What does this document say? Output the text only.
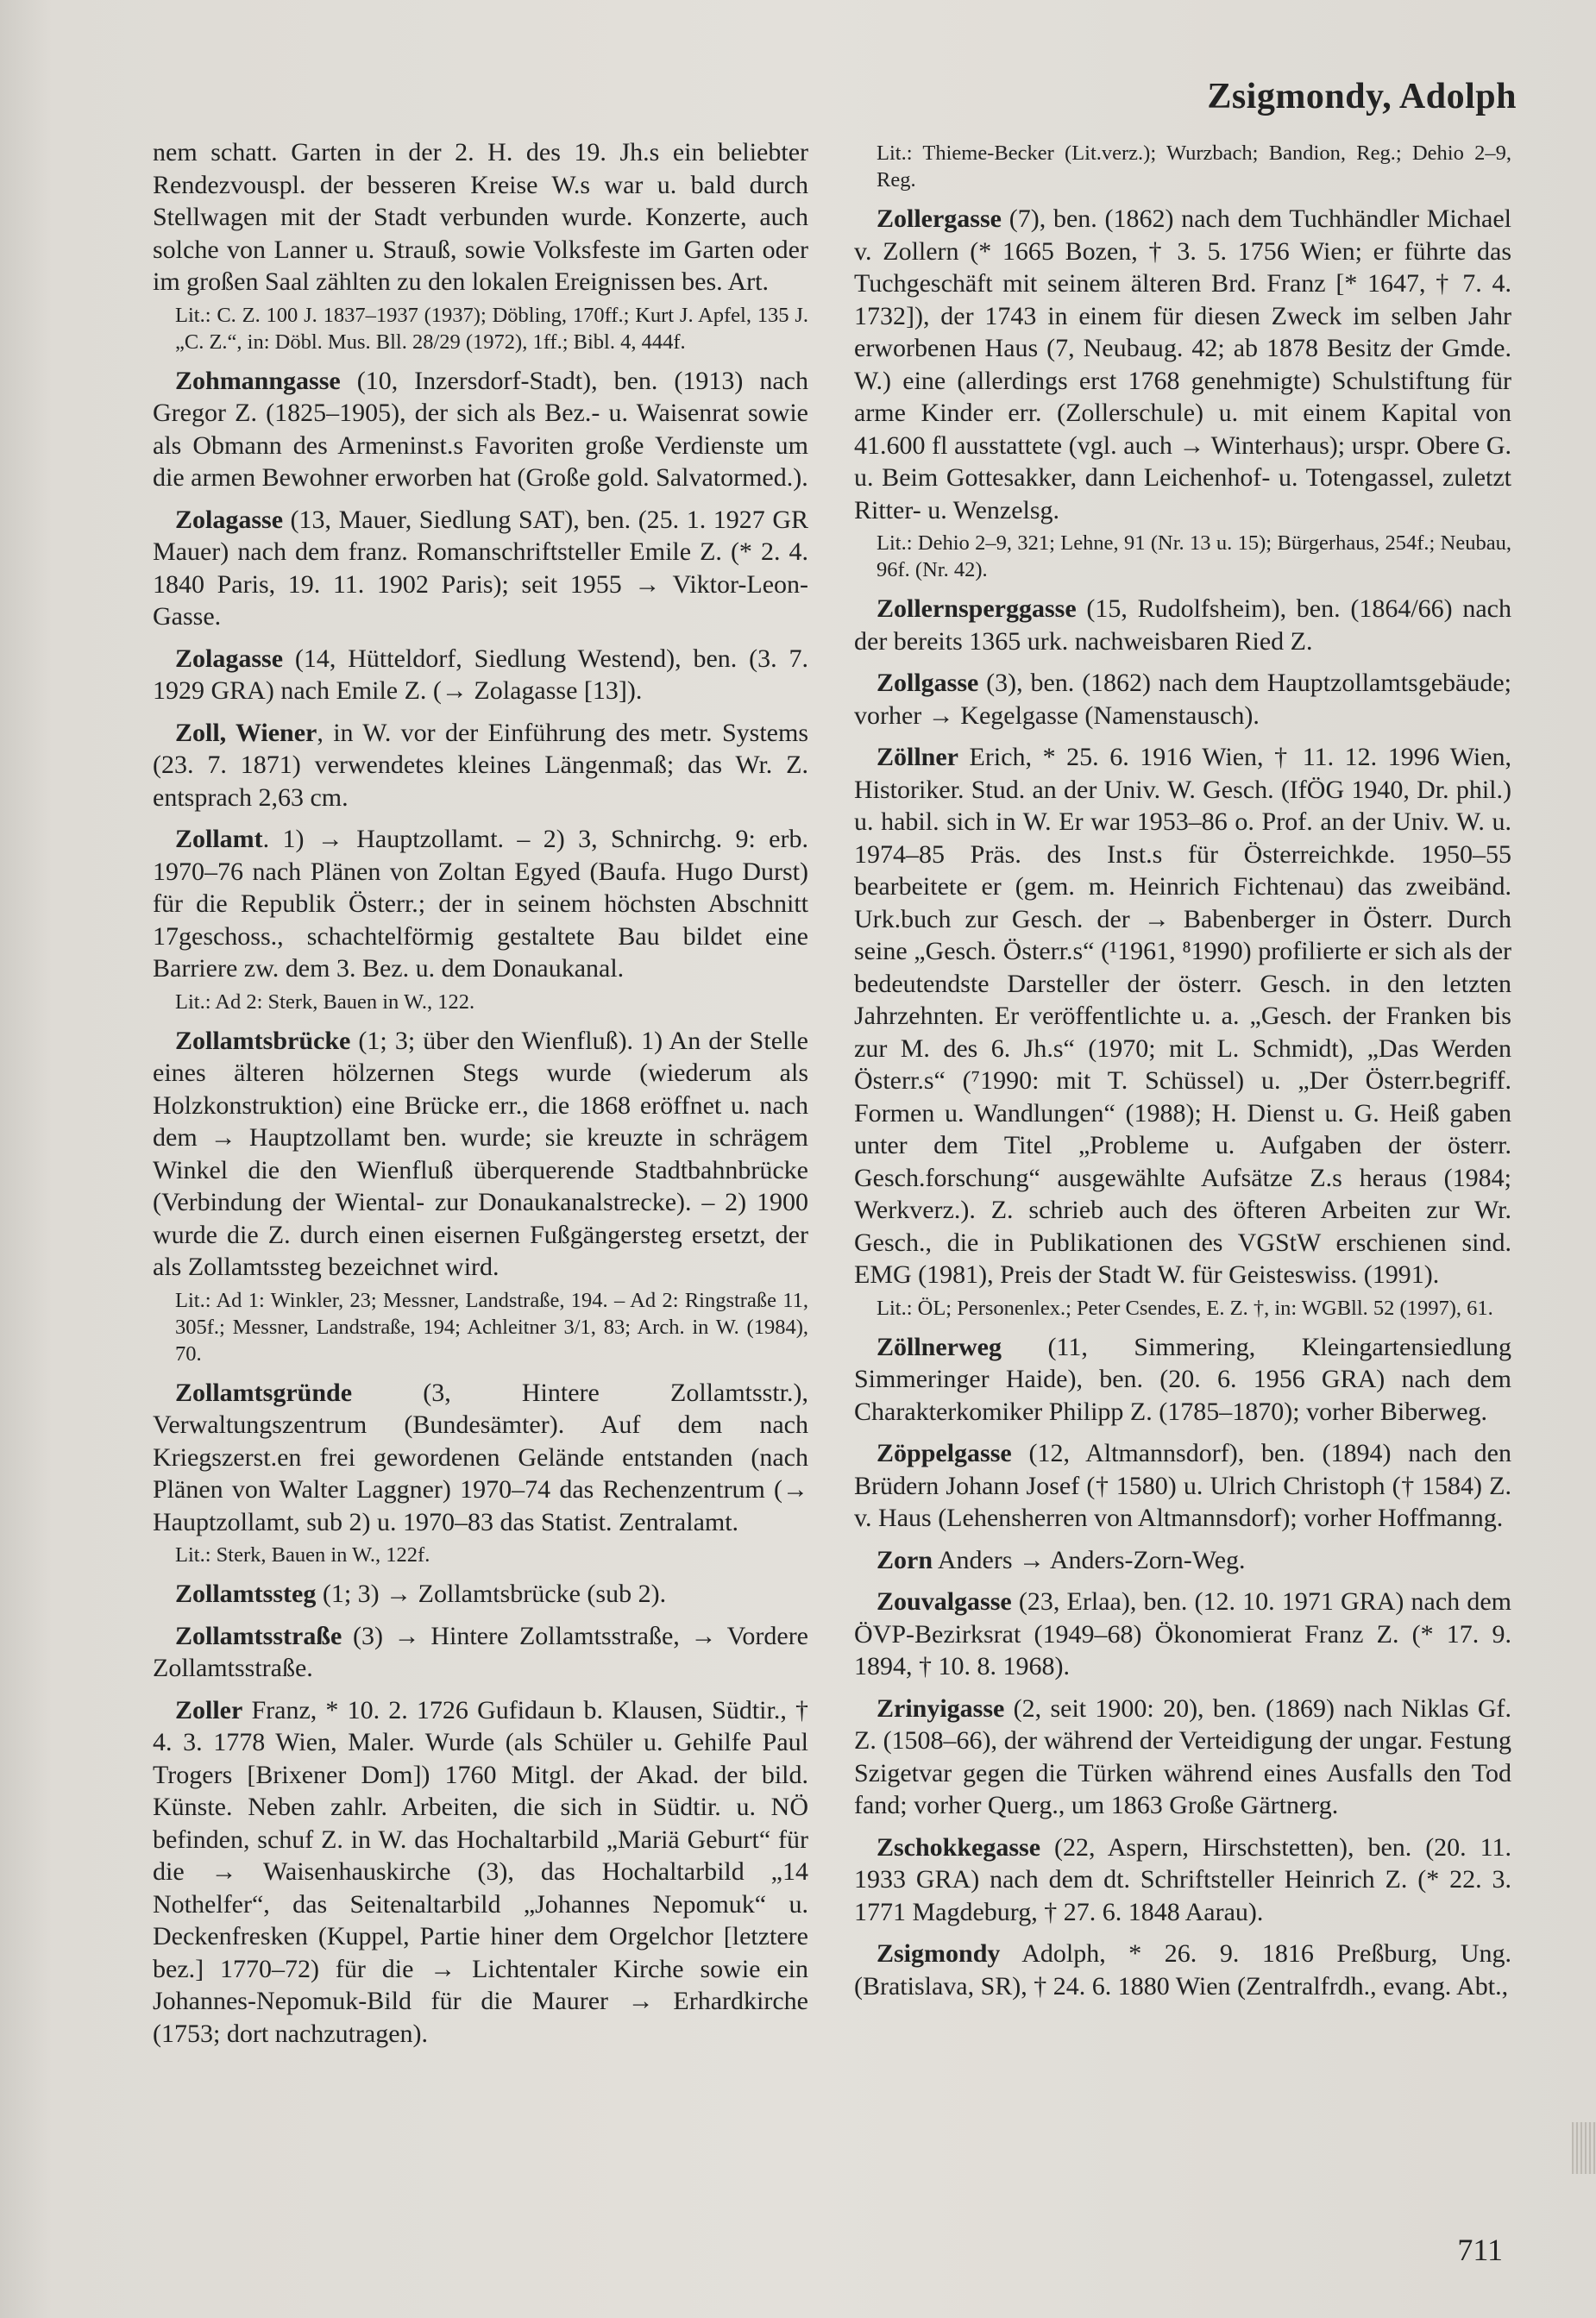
Zsigmondy, Adolph

nem schatt. Garten in der 2. H. des 19. Jh.s ein beliebter Rendezvouspl. der besseren Kreise W.s war u. bald durch Stellwagen mit der Stadt verbunden wurde. Konzerte, auch solche von Lanner u. Strauß, sowie Volksfeste im Garten oder im großen Saal zählten zu den lokalen Ereignissen bes. Art.

Lit.: C. Z. 100 J. 1837–1937 (1937); Döbling, 170ff.; Kurt J. Apfel, 135 J. „C. Z.“, in: Döbl. Mus. Bll. 28/29 (1972), 1ff.; Bibl. 4, 444f.

Zohmanngasse (10, Inzersdorf-Stadt), ben. (1913) nach Gregor Z. (1825–1905), der sich als Bez.- u. Waisenrat sowie als Obmann des Armeninst.s Favoriten große Verdienste um die armen Bewohner erworben hat (Große gold. Salvatormed.).

Zolagasse (13, Mauer, Siedlung SAT), ben. (25. 1. 1927 GR Mauer) nach dem franz. Romanschriftsteller Emile Z. (* 2. 4. 1840 Paris, 19. 11. 1902 Paris); seit 1955 → Viktor-Leon-Gasse.

Zolagasse (14, Hütteldorf, Siedlung Westend), ben. (3. 7. 1929 GRA) nach Emile Z. (→ Zolagasse [13]).

Zoll, Wiener, in W. vor der Einführung des metr. Systems (23. 7. 1871) verwendetes kleines Längenmaß; das Wr. Z. entsprach 2,63 cm.

Zollamt. 1) → Hauptzollamt. – 2) 3, Schnirchg. 9: erb. 1970–76 nach Plänen von Zoltan Egyed (Baufa. Hugo Durst) für die Republik Österr.; der in seinem höchsten Abschnitt 17geschoss., schachtelförmig gestaltete Bau bildet eine Barriere zw. dem 3. Bez. u. dem Donaukanal.

Lit.: Ad 2: Sterk, Bauen in W., 122.

Zollamtsbrücke (1; 3; über den Wienfluß). 1) An der Stelle eines älteren hölzernen Stegs wurde (wiederum als Holzkonstruktion) eine Brücke err., die 1868 eröffnet u. nach dem → Hauptzollamt ben. wurde; sie kreuzte in schrägem Winkel die den Wienfluß überquerende Stadtbahnbrücke (Verbindung der Wiental- zur Donaukanalstrecke). – 2) 1900 wurde die Z. durch einen eisernen Fußgängersteg ersetzt, der als Zollamtssteg bezeichnet wird.

Lit.: Ad 1: Winkler, 23; Messner, Landstraße, 194. – Ad 2: Ringstraße 11, 305f.; Messner, Landstraße, 194; Achleitner 3/1, 83; Arch. in W. (1984), 70.

Zollamtsgründe (3, Hintere Zollamtsstr.), Verwaltungszentrum (Bundesämter). Auf dem nach Kriegszerst.en frei gewordenen Gelände entstanden (nach Plänen von Walter Laggner) 1970–74 das Rechenzentrum (→ Hauptzollamt, sub 2) u. 1970–83 das Statist. Zentralamt.

Lit.: Sterk, Bauen in W., 122f.

Zollamtssteg (1; 3) → Zollamtsbrücke (sub 2).

Zollamtsstraße (3) → Hintere Zollamtsstraße, → Vordere Zollamtsstraße.

Zoller Franz, * 10. 2. 1726 Gufidaun b. Klausen, Südtir., † 4. 3. 1778 Wien, Maler. Wurde (als Schüler u. Gehilfe Paul Trogers [Brixener Dom]) 1760 Mitgl. der Akad. der bild. Künste. Neben zahlr. Arbeiten, die sich in Südtir. u. NÖ befinden, schuf Z. in W. das Hochaltarbild „Mariä Geburt“ für die → Waisenhauskirche (3), das Hochaltarbild „14 Nothelfer“, das Seitenaltarbild „Johannes Nepomuk“ u. Deckenfresken (Kuppel, Partie hiner dem Orgelchor [letztere bez.] 1770–72) für die → Lichtentaler Kirche sowie ein Johannes-Nepomuk-Bild für die Maurer → Erhardkirche (1753; dort nachzutragen).

Lit.: Thieme-Becker (Lit.verz.); Wurzbach; Bandion, Reg.; Dehio 2–9, Reg.

Zollergasse (7), ben. (1862) nach dem Tuchhändler Michael v. Zollern (* 1665 Bozen, † 3. 5. 1756 Wien; er führte das Tuchgeschäft mit seinem älteren Brd. Franz [* 1647, † 7. 4. 1732]), der 1743 in einem für diesen Zweck im selben Jahr erworbenen Haus (7, Neubaug. 42; ab 1878 Besitz der Gmde. W.) eine (allerdings erst 1768 genehmigte) Schulstiftung für arme Kinder err. (Zollerschule) u. mit einem Kapital von 41.600 fl ausstattete (vgl. auch → Winterhaus); urspr. Obere G. u. Beim Gottesakker, dann Leichenhof- u. Totengassel, zuletzt Ritter- u. Wenzelsg.

Lit.: Dehio 2–9, 321; Lehne, 91 (Nr. 13 u. 15); Bürgerhaus, 254f.; Neubau, 96f. (Nr. 42).

Zollernsperggasse (15, Rudolfsheim), ben. (1864/66) nach der bereits 1365 urk. nachweisbaren Ried Z.

Zollgasse (3), ben. (1862) nach dem Hauptzollamtsgebäude; vorher → Kegelgasse (Namenstausch).

Zöllner Erich, * 25. 6. 1916 Wien, † 11. 12. 1996 Wien, Historiker. Stud. an der Univ. W. Gesch. (IfÖG 1940, Dr. phil.) u. habil. sich in W. Er war 1953–86 o. Prof. an der Univ. W. u. 1974–85 Präs. des Inst.s für Österreichkde. 1950–55 bearbeitete er (gem. m. Heinrich Fichtenau) das zweibänd. Urk.buch zur Gesch. der → Babenberger in Österr. Durch seine „Gesch. Österr.s“ (¹1961, ⁸1990) profilierte er sich als der bedeutendste Darsteller der österr. Gesch. in den letzten Jahrzehnten. Er veröffentlichte u. a. „Gesch. der Franken bis zur M. des 6. Jh.s“ (1970; mit L. Schmidt), „Das Werden Österr.s“ (⁷1990: mit T. Schüssel) u. „Der Österr.begriff. Formen u. Wandlungen“ (1988); H. Dienst u. G. Heiß gaben unter dem Titel „Probleme u. Aufgaben der österr. Gesch.forschung“ ausgewählte Aufsätze Z.s heraus (1984; Werkverz.). Z. schrieb auch des öfteren Arbeiten zur Wr. Gesch., die in Publikationen des VGStW erschienen sind. EMG (1981), Preis der Stadt W. für Geisteswiss. (1991).

Lit.: ÖL; Personenlex.; Peter Csendes, E. Z. †, in: WGBll. 52 (1997), 61.

Zöllnerweg (11, Simmering, Kleingartensiedlung Simmeringer Haide), ben. (20. 6. 1956 GRA) nach dem Charakterkomiker Philipp Z. (1785–1870); vorher Biberweg.

Zöppelgasse (12, Altmannsdorf), ben. (1894) nach den Brüdern Johann Josef († 1580) u. Ulrich Christoph († 1584) Z. v. Haus (Lehensherren von Altmannsdorf); vorher Hoffmanng.

Zorn Anders → Anders-Zorn-Weg.

Zouvalgasse (23, Erlaa), ben. (12. 10. 1971 GRA) nach dem ÖVP-Bezirksrat (1949–68) Ökonomierat Franz Z. (* 17. 9. 1894, † 10. 8. 1968).

Zrinyigasse (2, seit 1900: 20), ben. (1869) nach Niklas Gf. Z. (1508–66), der während der Verteidigung der ungar. Festung Szigetvar gegen die Türken während eines Ausfalls den Tod fand; vorher Querg., um 1863 Große Gärtnerg.

Zschokkegasse (22, Aspern, Hirschstetten), ben. (20. 11. 1933 GRA) nach dem dt. Schriftsteller Heinrich Z. (* 22. 3. 1771 Magdeburg, † 27. 6. 1848 Aarau).

Zsigmondy Adolph, * 26. 9. 1816 Preßburg, Ung. (Bratislava, SR), † 24. 6. 1880 Wien (Zentralfrdh., evang. Abt.,

711
